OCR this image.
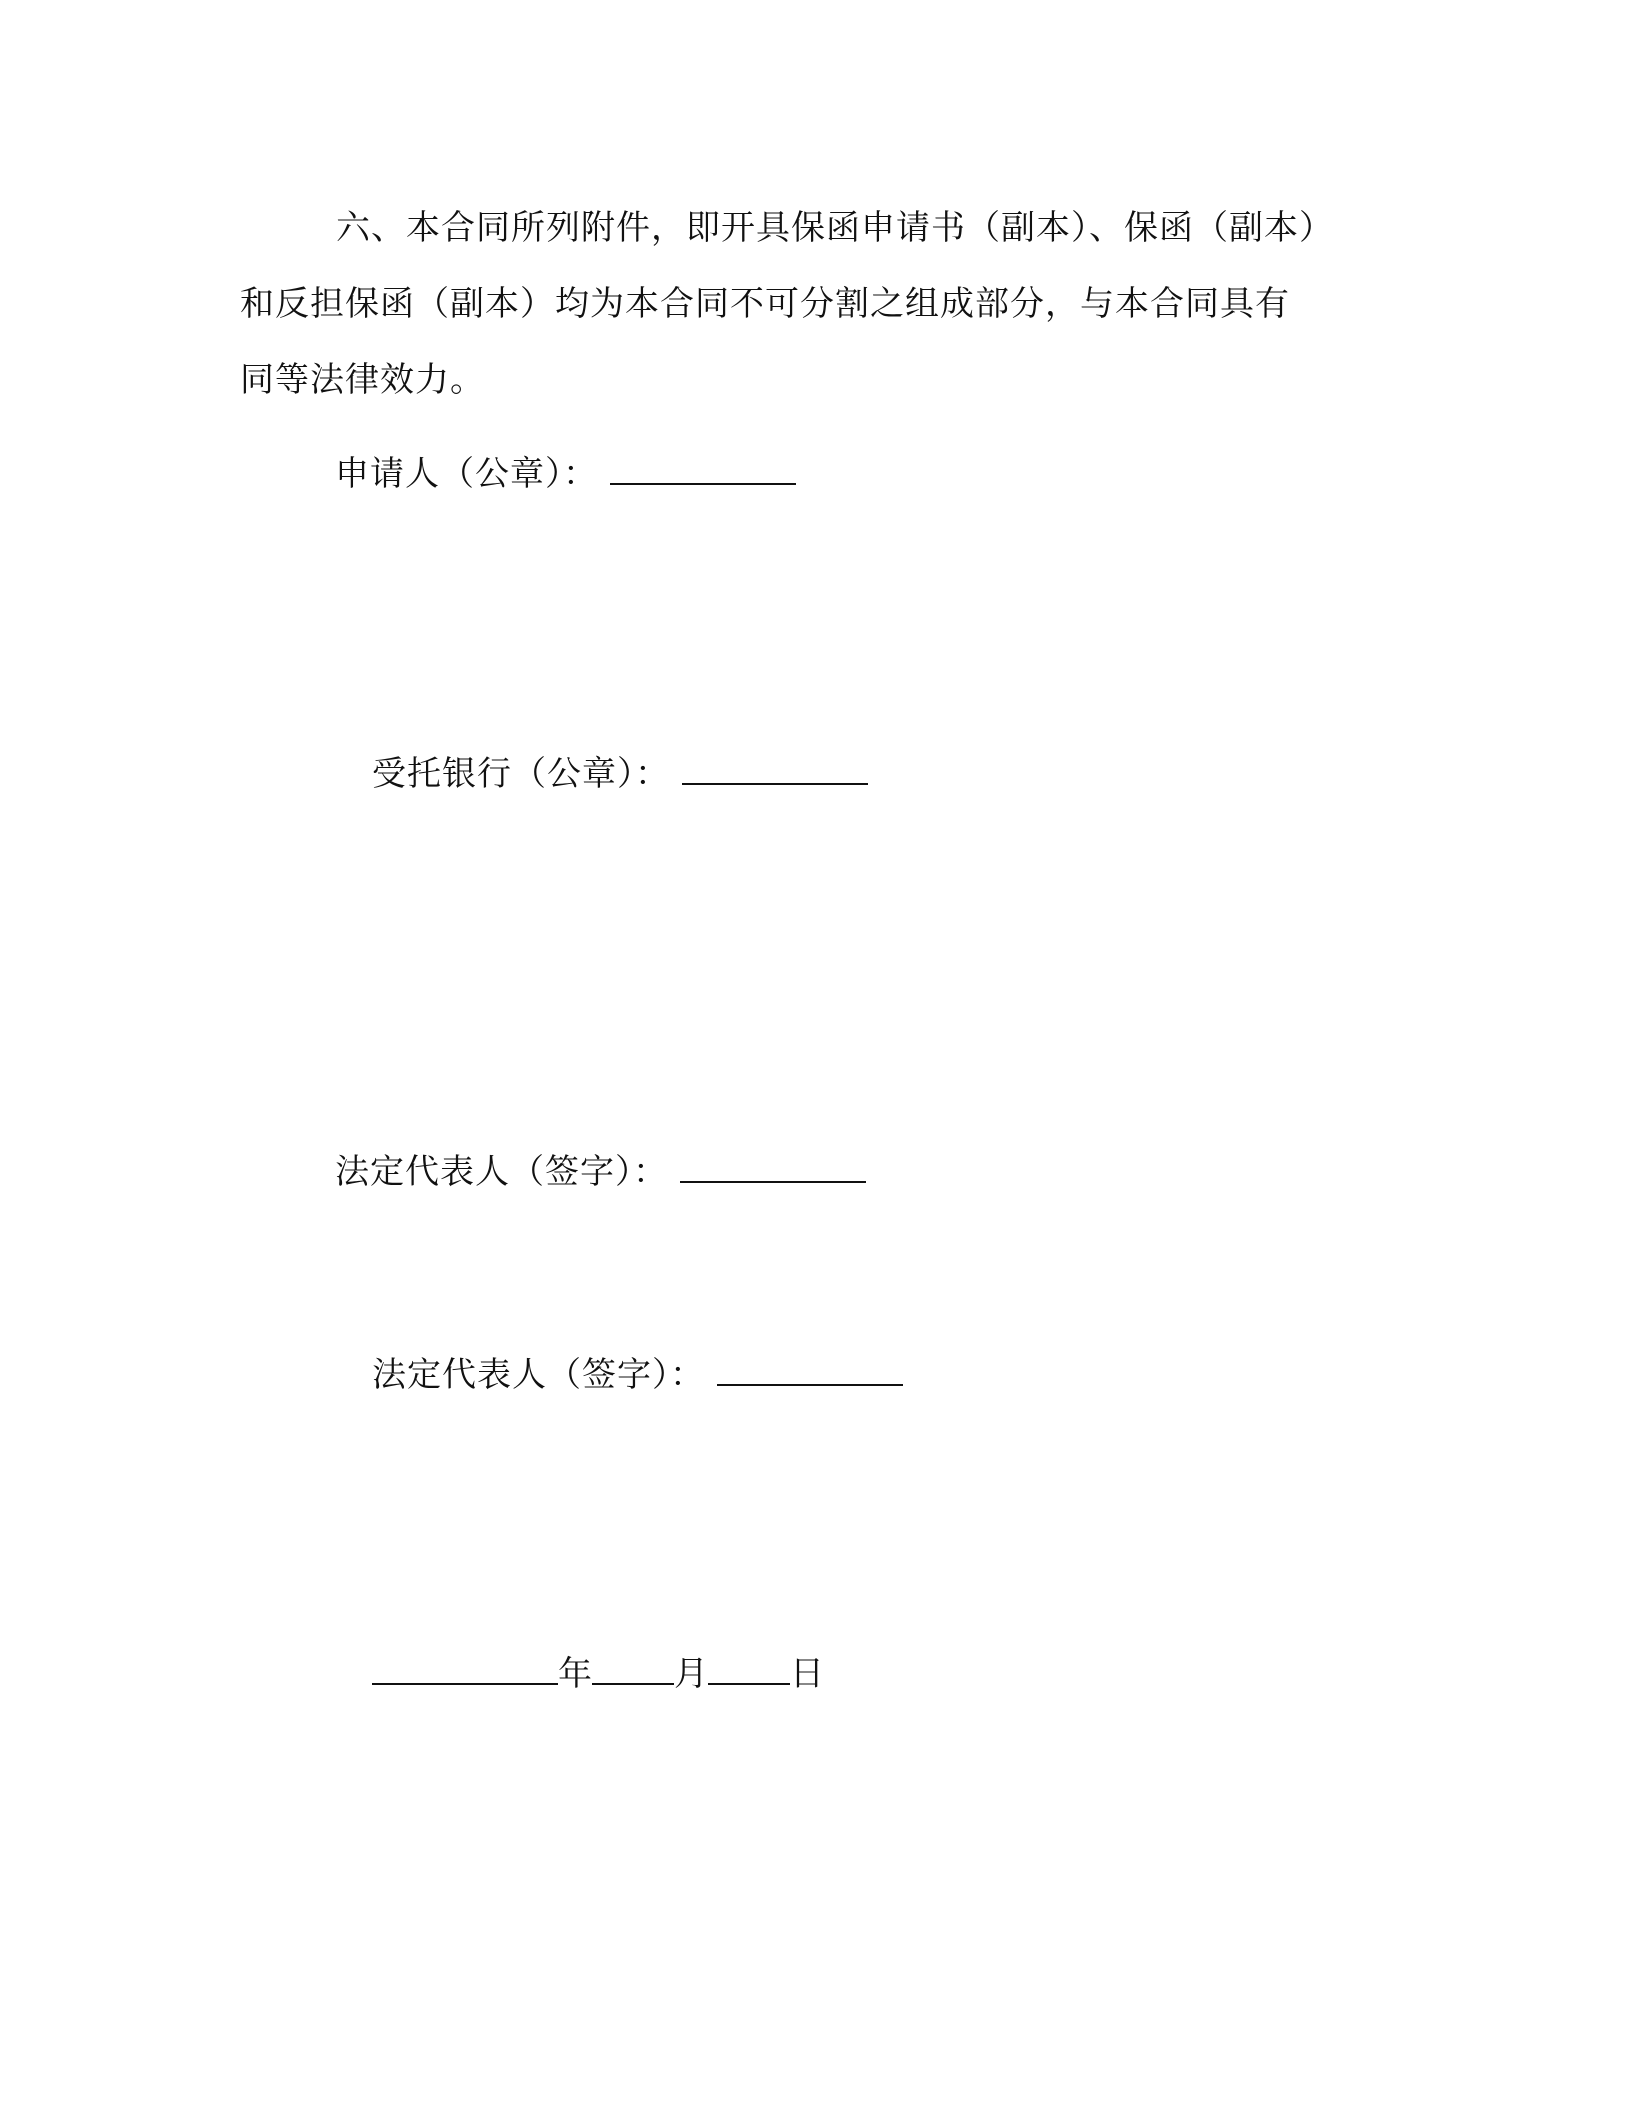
六、本合同所列附件，即开具保函申请书（副本）、保函（副本）
和反担保函（副本）均为本合同不可分割之组成部分，与本合同具有
同等法律效力。
申请人（公章）：
受托银行（公章）：
法定代表人（签字）：
法定代表人（签字）：
年 月 日
